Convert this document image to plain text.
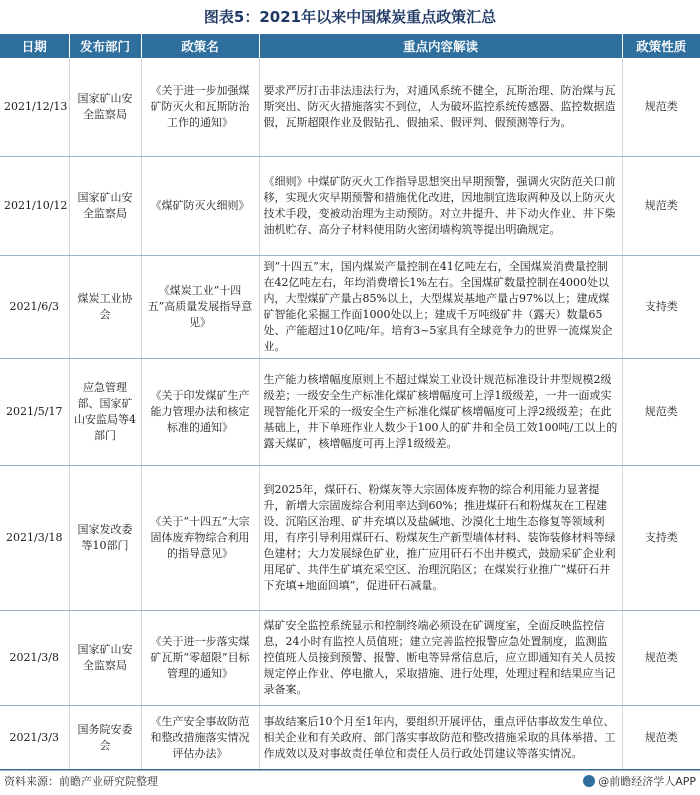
图表5：2021年以来中国煤炭重点政策汇总
日期	发布部门	政策名	重点内容解读	政策性质
2021/12/13	国家矿山安全监察局	《关于进一步加强煤矿防灭火和瓦斯防治工作的通知》	要求严厉打击非法违法行为，对通风系统不健全，瓦斯治理、防治煤与瓦斯突出、防灭火措施落实不到位，人为破坏监控系统传感器、监控数据造假，瓦斯超限作业及假钻孔、假抽采、假评判、假预测等行为。	规范类
2021/10/12	国家矿山安全监察局	《煤矿防灭火细则》	《细则》中煤矿防灭火工作指导思想突出早期预警，强调火灾防范关口前移，实现火灾早期预警和措施优化改进，因地制宜选取两种及以上防灭火技术手段，变被动治理为主动预防。对立井提升、井下动火作业、井下柴油机贮存、高分子材料使用防火密闭墙构筑等提出明确规定。	规范类
2021/6/3	煤炭工业协会	《煤炭工业“十四五”高质量发展指导意见》	到“十四五”末，国内煤炭产量控制在41亿吨左右，全国煤炭消费量控制在42亿吨左右，年均消费增长1%左右。全国煤矿数量控制在4000处以内，大型煤矿产量占85%以上，大型煤炭基地产量占97%以上；建成煤矿智能化采掘工作面1000处以上；建成千万吨级矿井（露天）数量65处、产能超过10亿吨/年。培育3~5家具有全球竞争力的世界一流煤炭企业。	支持类
2021/5/17	应急管理部、国家矿山安监局等4部门	《关于印发煤矿生产能力管理办法和核定标准的通知》	生产能力核增幅度原则上不超过煤炭工业设计规范标准设计井型规模2级级差；一级安全生产标准化煤矿核增幅度可上浮1级级差，一井一面或实现智能化开采的一级安全生产标准化煤矿核增幅度可上浮2级级差；在此基础上，井下单班作业人数少于100人的矿井和全员工效100吨/工以上的露天煤矿，核增幅度可再上浮1级级差。	规范类
2021/3/18	国家发改委等10部门	《关于“十四五”大宗固体废弃物综合利用的指导意见》	到2025年，煤矸石、粉煤灰等大宗固体废弃物的综合利用能力显著提升，新增大宗固废综合利用率达到60%；推进煤矸石和粉煤灰在工程建设、沉陷区治理、矿井充填以及盐碱地、沙漠化土地生态修复等领域利用，有序引导利用煤矸石、粉煤灰生产新型墙体材料、装饰装修材料等绿色建材；大力发展绿色矿业，推广应用矸石不出井模式，鼓励采矿企业利用尾矿、共伴生矿填充采空区、治理沉陷区；在煤炭行业推广“煤矸石井下充填+地面回填”，促进矸石减量。	支持类
2021/3/8	国家矿山安全监察局	《关于进一步落实煤矿瓦斯“零超限”目标管理的通知》	煤矿安全监控系统显示和控制终端必须设在矿调度室，全面反映监控信息，24小时有监控人员值班；建立完善监控报警应急处置制度，监测监控值班人员接到预警、报警、断电等异常信息后，应立即通知有关人员按规定停止作业、停电撤人，采取措施、进行处理，处理过程和结果应当记录备案。	规范类
2021/3/3	国务院安委会	《生产安全事故防范和整改措施落实情况评估办法》	事故结案后10个月至1年内，要组织开展评估，重点评估事故发生单位、相关企业和有关政府、部门落实事故防范和整改措施采取的具体举措、工作成效以及对事故责任单位和责任人员行政处罚建议等落实情况。	规范类
资料来源：前瞻产业研究院整理	@前瞻经济学人APP
